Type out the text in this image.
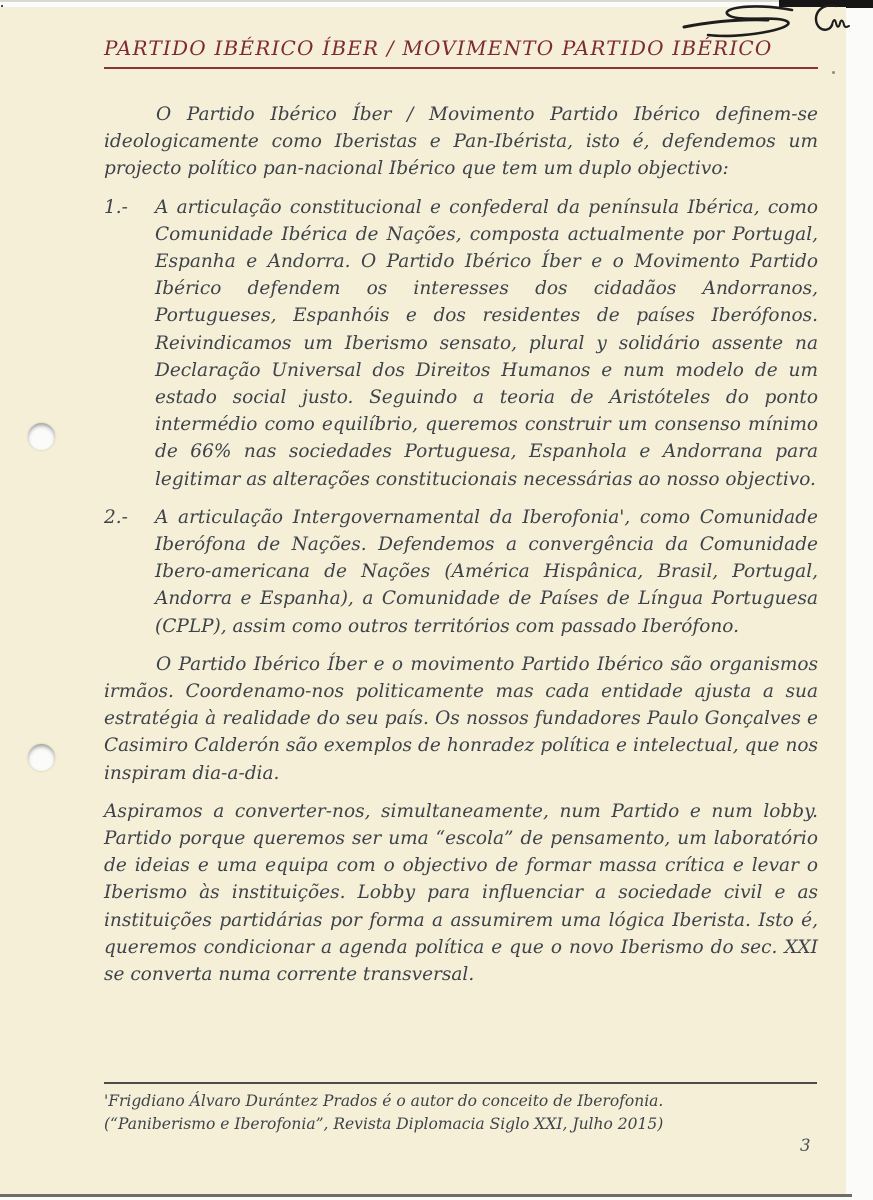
PARTIDO IBÉRICO ÍBER / MOVIMENTO PARTIDO IBÉRICO

O Partido Ibérico Íber / Movimento Partido Ibérico definem-se ideologicamente como Iberistas e Pan-Ibérista, isto é, defendemos um projecto político pan-nacional Ibérico que tem um duplo objectivo:

1.-	A articulação constitucional e confederal da península Ibérica, como Comunidade Ibérica de Nações, composta actualmente por Portugal, Espanha e Andorra. O Partido Ibérico Íber e o Movimento Partido Ibérico defendem os interesses dos cidadãos Andorranos, Portugueses, Espanhóis e dos residentes de países Iberófonos. Reivindicamos um Iberismo sensato, plural y solidário assente na Declaração Universal dos Direitos Humanos e num modelo de um estado social justo. Seguindo a teoria de Aristóteles do ponto intermédio como equilíbrio, queremos construir um consenso mínimo de 66% nas sociedades Portuguesa, Espanhola e Andorrana para legitimar as alterações constitucionais necessárias ao nosso objectivo.
2.-	A articulação Intergovernamental da Iberofonia', como Comunidade Iberófona de Nações. Defendemos a convergência da Comunidade Ibero-americana de Nações (América Hispânica, Brasil, Portugal, Andorra e Espanha), a Comunidade de Países de Língua Portuguesa (CPLP), assim como outros territórios com passado Iberófono.

O Partido Ibérico Íber e o movimento Partido Ibérico são organismos irmãos. Coordenamo-nos politicamente mas cada entidade ajusta a sua estratégia à realidade do seu país. Os nossos fundadores Paulo Gonçalves e Casimiro Calderón são exemplos de honradez política e intelectual, que nos inspiram dia-a-dia.

Aspiramos a converter-nos, simultaneamente, num Partido e num lobby. Partido porque queremos ser uma “escola” de pensamento, um laboratório de ideias e uma equipa com o objectivo de formar massa crítica e levar o Iberismo às instituições. Lobby para influenciar a sociedade civil e as instituições partidárias por forma a assumirem uma lógica Iberista. Isto é, queremos condicionar a agenda política e que o novo Iberismo do sec. XXI se converta numa corrente transversal.

'Frigdiano Álvaro Durántez Prados é o autor do conceito de Iberofonia.
(“Paniberismo e Iberofonia”, Revista Diplomacia Siglo XXI, Julho 2015)
3
